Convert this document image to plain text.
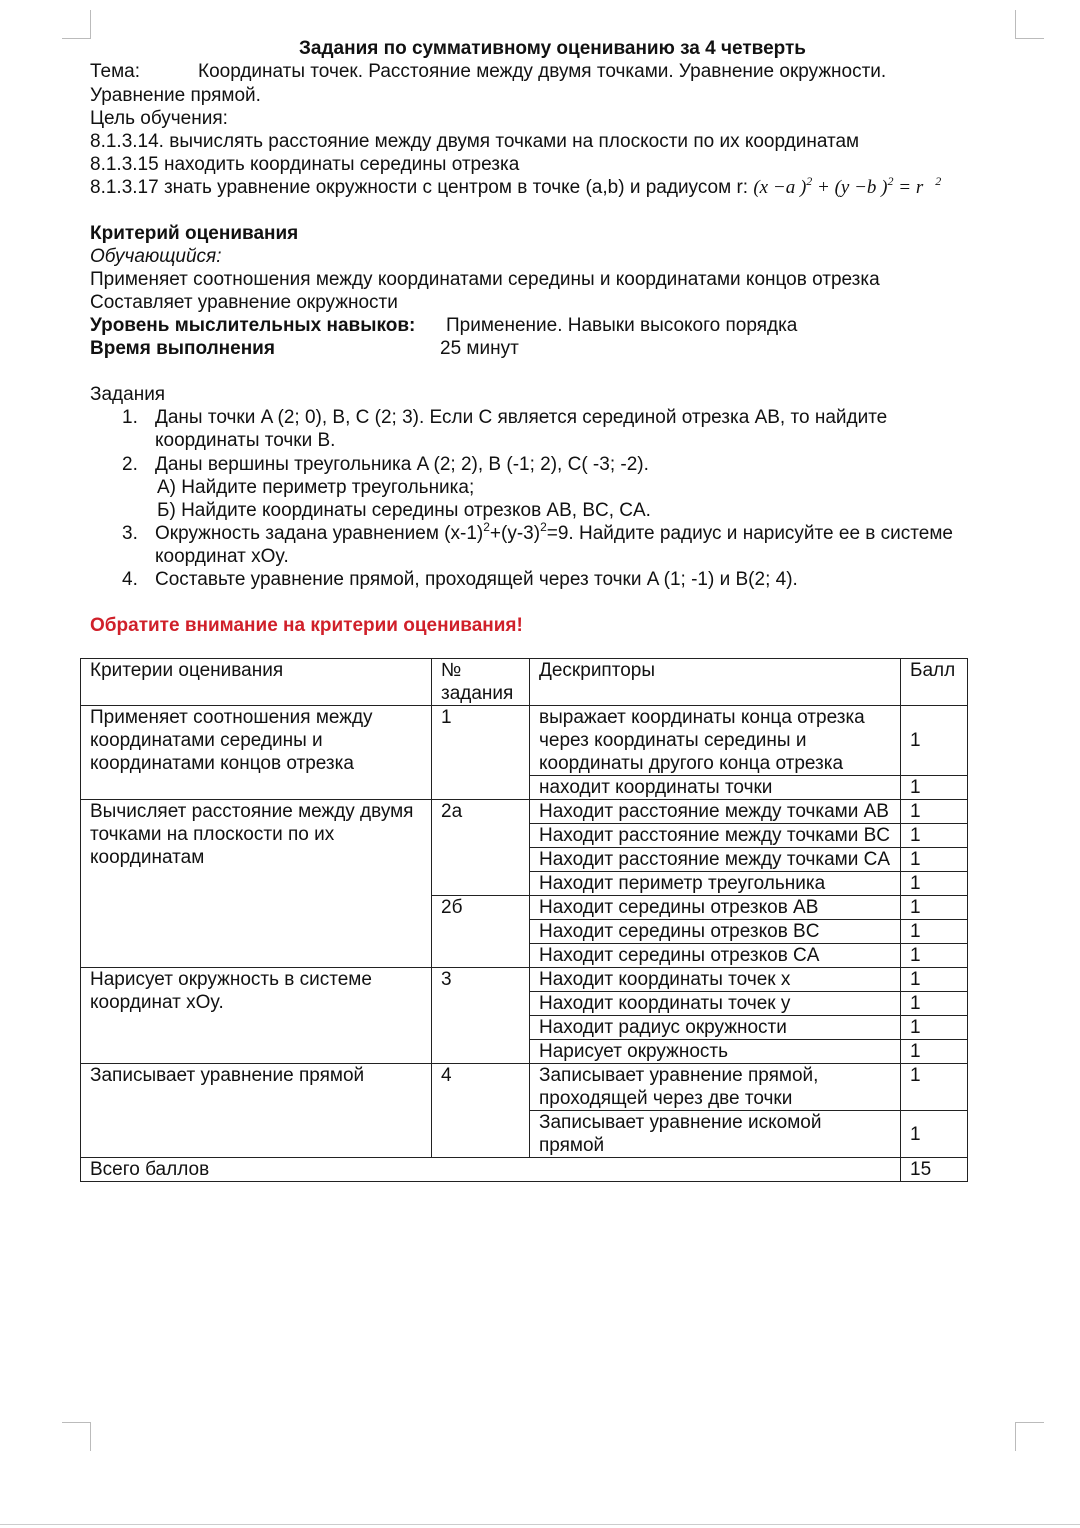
Задания по суммативному оцениванию за 4 четверть
Тема:	Координаты точек. Расстояние между двумя точками. Уравнение окружности.
Уравнение прямой.
Цель обучения:
8.1.3.14. вычислять расстояние между двумя точками на плоскости по их координатам
8.1.3.15 находить координаты середины отрезка
8.1.3.17 знать уравнение окружности с центром в точке (a,b) и радиусом r: (x −a )$^2$ + (y −b )$^2$ = r $^2$
Критерий оценивания
Обучающийся:
Применяет соотношения между координатами середины и координатами концов отрезка
Составляет уравнение окружности
Уровень мыслительных навыков: Применение. Навыки высокого порядка
Время выполнения	25 минут
Задания
1. Даны точки A (2; 0), B, C (2; 3). Если C является серединой отрезка AB, то найдите
координаты точки B.
2. Даны вершины треугольника A (2; 2), B (-1; 2), C( -3; -2).
А) Найдите периметр треугольника;
Б) Найдите координаты середины отрезков AB, BC, CA.
3. Окружность задана уравнением $(x-1)^2+(y-3)^2=9$. Найдите радиус и нарисуйте ее в системе
координат xOy.
4. Составьте уравнение прямой, проходящей через точки A (1; -1) и B(2; 4).
Обратите внимание на критерии оценивания!
Критерии оценивания	№ задания	Дескрипторы	Балл
Применяет соотношения между координатами середины и координатами концов отрезка	1	выражает координаты конца отрезка через координаты середины и координаты другого конца отрезка	1
		находит координаты точки	1
Вычисляет расстояние между двумя точками на плоскости по их координатам	2а	Находит расстояние между точками AB	1
		Находит расстояние между точками BC	1
		Находит расстояние между точками CA	1
		Находит периметр треугольника	1
	2б	Находит середины отрезков AB	1
		Находит середины отрезков BC	1
		Находит середины отрезков CA	1
Нарисует окружность в системе координат xOy.	3	Находит координаты точек x	1
		Находит координаты точек y	1
		Находит радиус окружности	1
		Нарисует окружность	1
Записывает уравнение прямой	4	Записывает уравнение прямой, проходящей через две точки	1
		Записывает уравнение искомой прямой	1
Всего баллов			15
